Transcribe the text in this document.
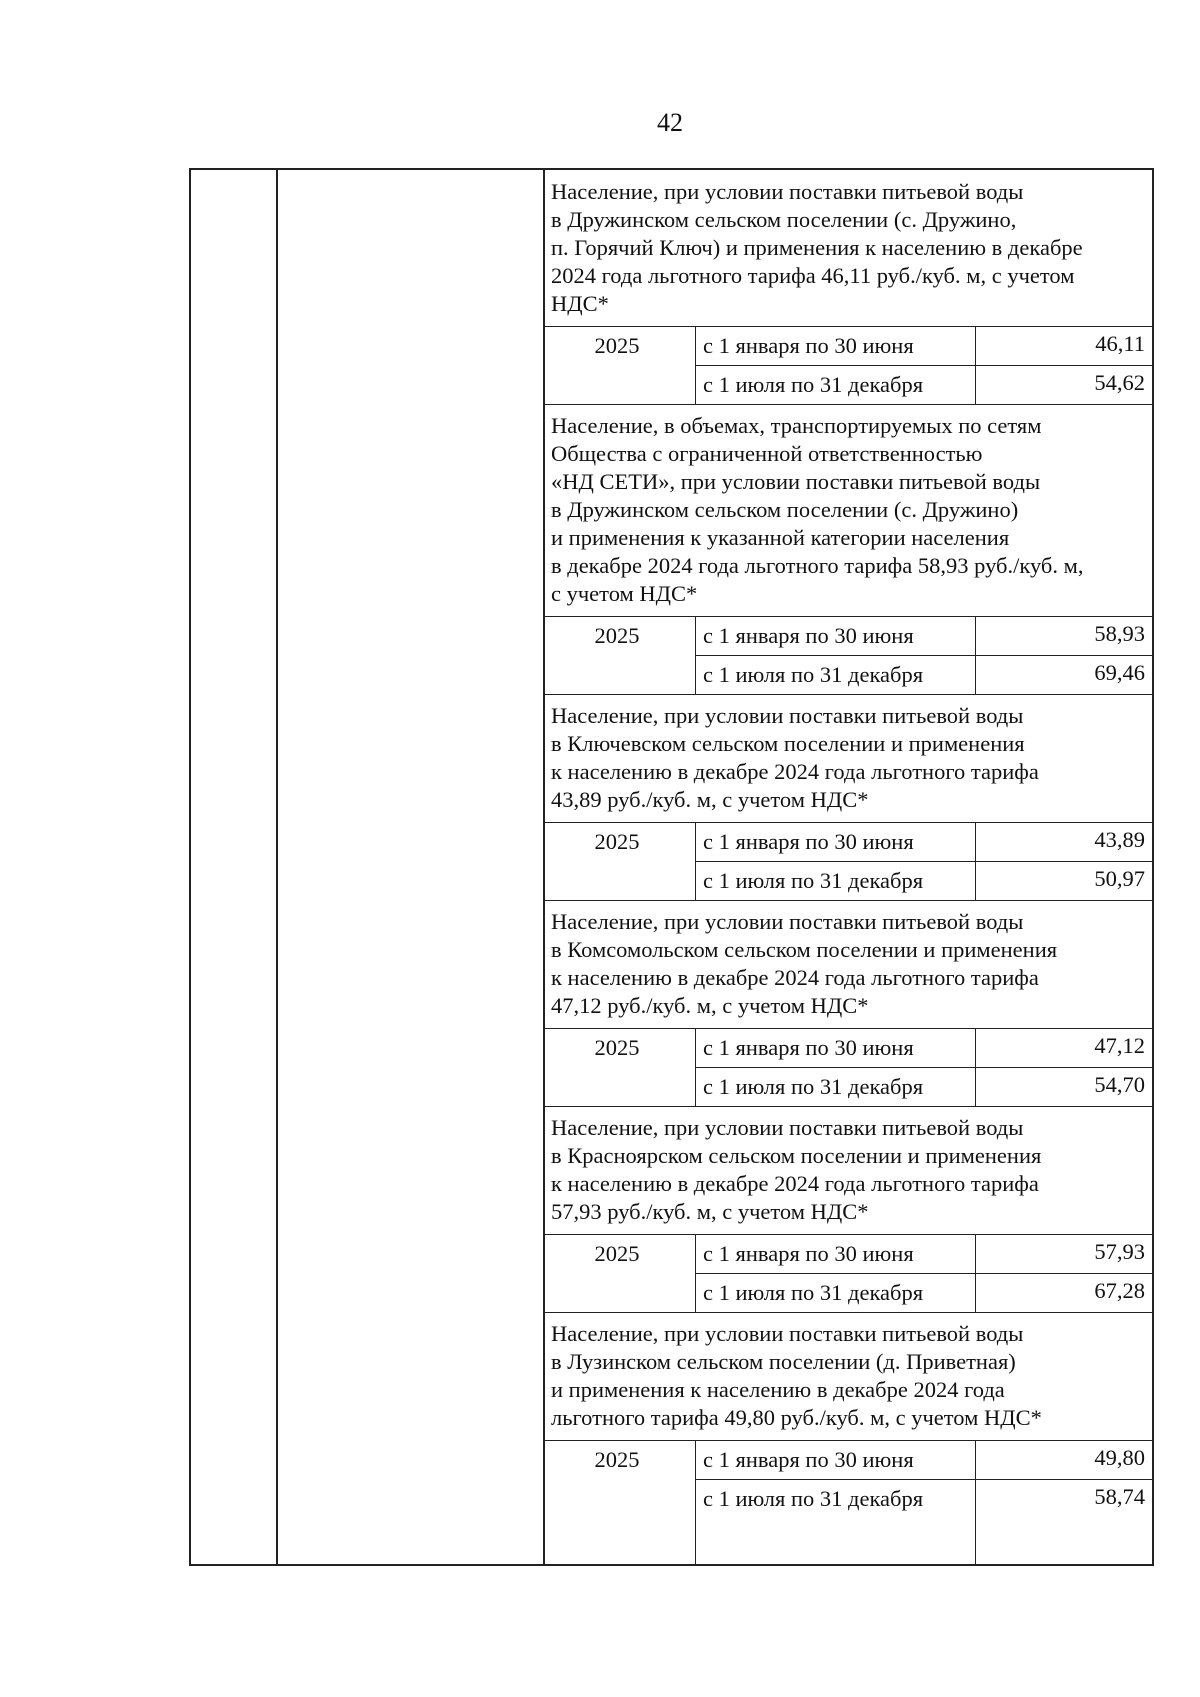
42
Население, при условии поставки питьевой воды
в Дружинском сельском поселении (с. Дружино,
п. Горячий Ключ) и применения к населению в декабре
2024 года льготного тарифа 46,11 руб./куб. м, с учетом
НДС*
2025	с 1 января по 30 июня	46,11
с 1 июля по 31 декабря	54,62
Население, в объемах, транспортируемых по сетям
Общества с ограниченной ответственностью
«НД СЕТИ», при условии поставки питьевой воды
в Дружинском сельском поселении (с. Дружино)
и применения к указанной категории населения
в декабре 2024 года льготного тарифа 58,93 руб./куб. м,
с учетом НДС*
2025	с 1 января по 30 июня	58,93
с 1 июля по 31 декабря	69,46
Население, при условии поставки питьевой воды
в Ключевском сельском поселении и применения
к населению в декабре 2024 года льготного тарифа
43,89 руб./куб. м, с учетом НДС*
2025	с 1 января по 30 июня	43,89
с 1 июля по 31 декабря	50,97
Население, при условии поставки питьевой воды
в Комсомольском сельском поселении и применения
к населению в декабре 2024 года льготного тарифа
47,12 руб./куб. м, с учетом НДС*
2025	с 1 января по 30 июня	47,12
с 1 июля по 31 декабря	54,70
Население, при условии поставки питьевой воды
в Красноярском сельском поселении и применения
к населению в декабре 2024 года льготного тарифа
57,93 руб./куб. м, с учетом НДС*
2025	с 1 января по 30 июня	57,93
с 1 июля по 31 декабря	67,28
Население, при условии поставки питьевой воды
в Лузинском сельском поселении (д. Приветная)
и применения к населению в декабре 2024 года
льготного тарифа 49,80 руб./куб. м, с учетом НДС*
2025	с 1 января по 30 июня	49,80
с 1 июля по 31 декабря	58,74
